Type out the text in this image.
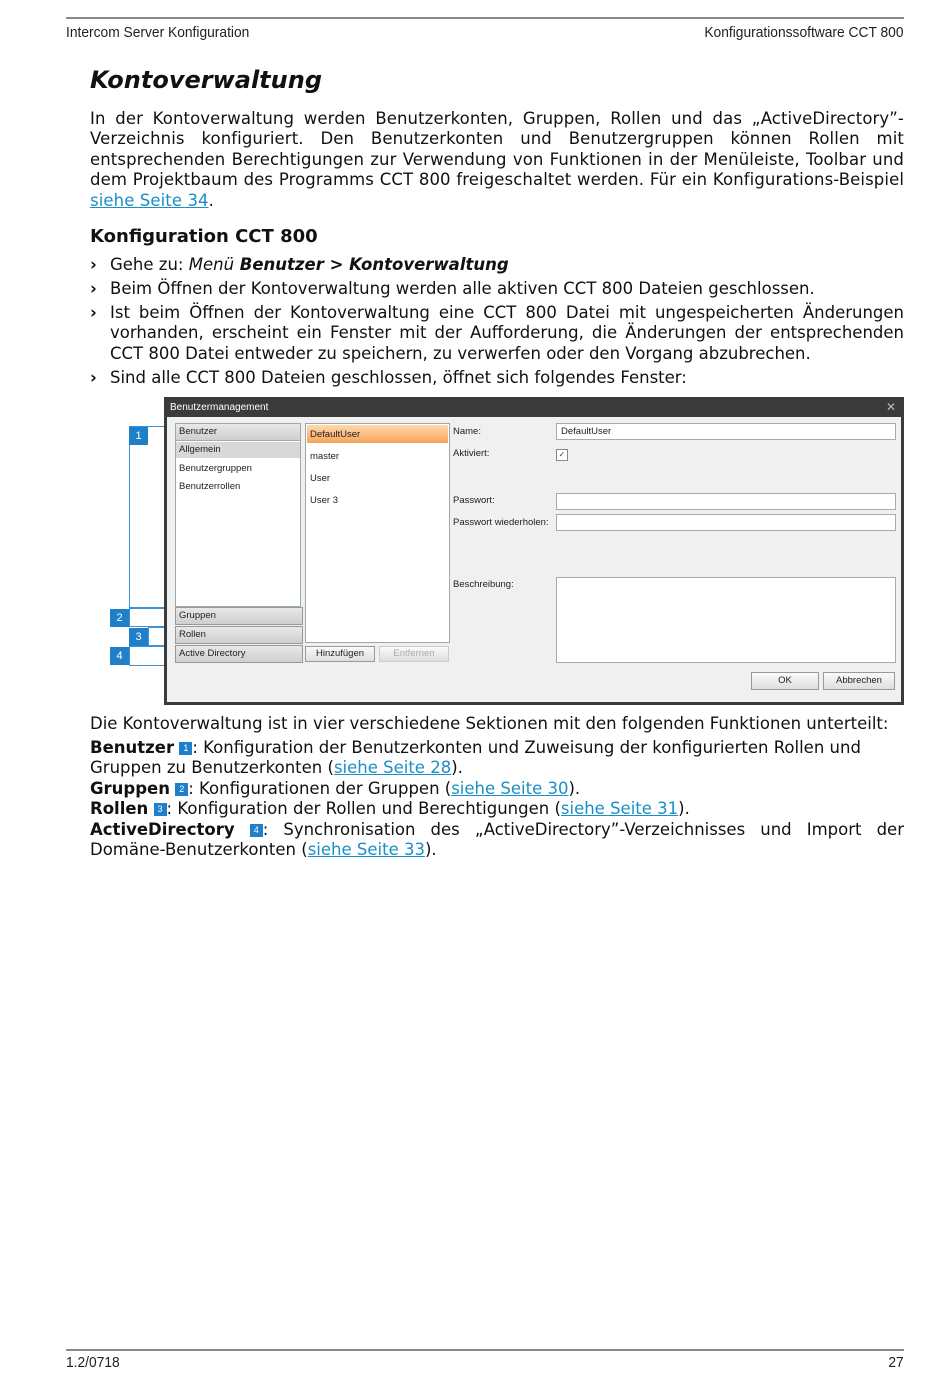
Intercom Server Konfiguration	Konfigurationssoftware CCT 800
Kontoverwaltung
In der Kontoverwaltung werden Benutzerkonten, Gruppen, Rollen und das „ActiveDirectory”-Verzeichnis konfiguriert. Den Benutzerkonten und Benutzergruppen können Rollen mit entsprechenden Berechtigungen zur Verwendung von Funktionen in der Menüleiste, Toolbar und dem Projektbaum des Programms CCT 800 freigeschaltet werden. Für ein Konfigurations-Beispiel siehe Seite 34.
Konfiguration CCT 800
› Gehe zu: Menü Benutzer > Kontoverwaltung
› Beim Öffnen der Kontoverwaltung werden alle aktiven CCT 800 Dateien geschlossen.
› Ist beim Öffnen der Kontoverwaltung eine CCT 800 Datei mit ungespeicherten Änderungen vorhanden, erscheint ein Fenster mit der Aufforderung, die Änderungen der entsprechenden CCT 800 Datei entweder zu speichern, zu verwerfen oder den Vorgang abzubrechen.
› Sind alle CCT 800 Dateien geschlossen, öffnet sich folgendes Fenster:
1
2
3
4
Benutzermanagement	✕
Benutzer
Allgemein
Benutzergruppen
Benutzerrollen
Gruppen
Rollen
Active Directory
DefaultUser
master
User
User 3
Hinzufügen	Entfernen
Name:	DefaultUser
Aktiviert:	✓
Passwort:
Passwort wiederholen:
Beschreibung:
OK	Abbrechen
Die Kontoverwaltung ist in vier verschiedene Sektionen mit den folgenden Funktionen unterteilt:
Benutzer 1 : Konfiguration der Benutzerkonten und Zuweisung der konfigurierten Rollen und Gruppen zu Benutzerkonten (siehe Seite 28).
Gruppen 2 : Konfigurationen der Gruppen (siehe Seite 30).
Rollen 3 : Konfiguration der Rollen und Berechtigungen (siehe Seite 31).
ActiveDirectory 4 : Synchronisation des „ActiveDirectory”-Verzeichnisses und Import der Domäne-Benutzerkonten (siehe Seite 33).
1.2/0718	27
